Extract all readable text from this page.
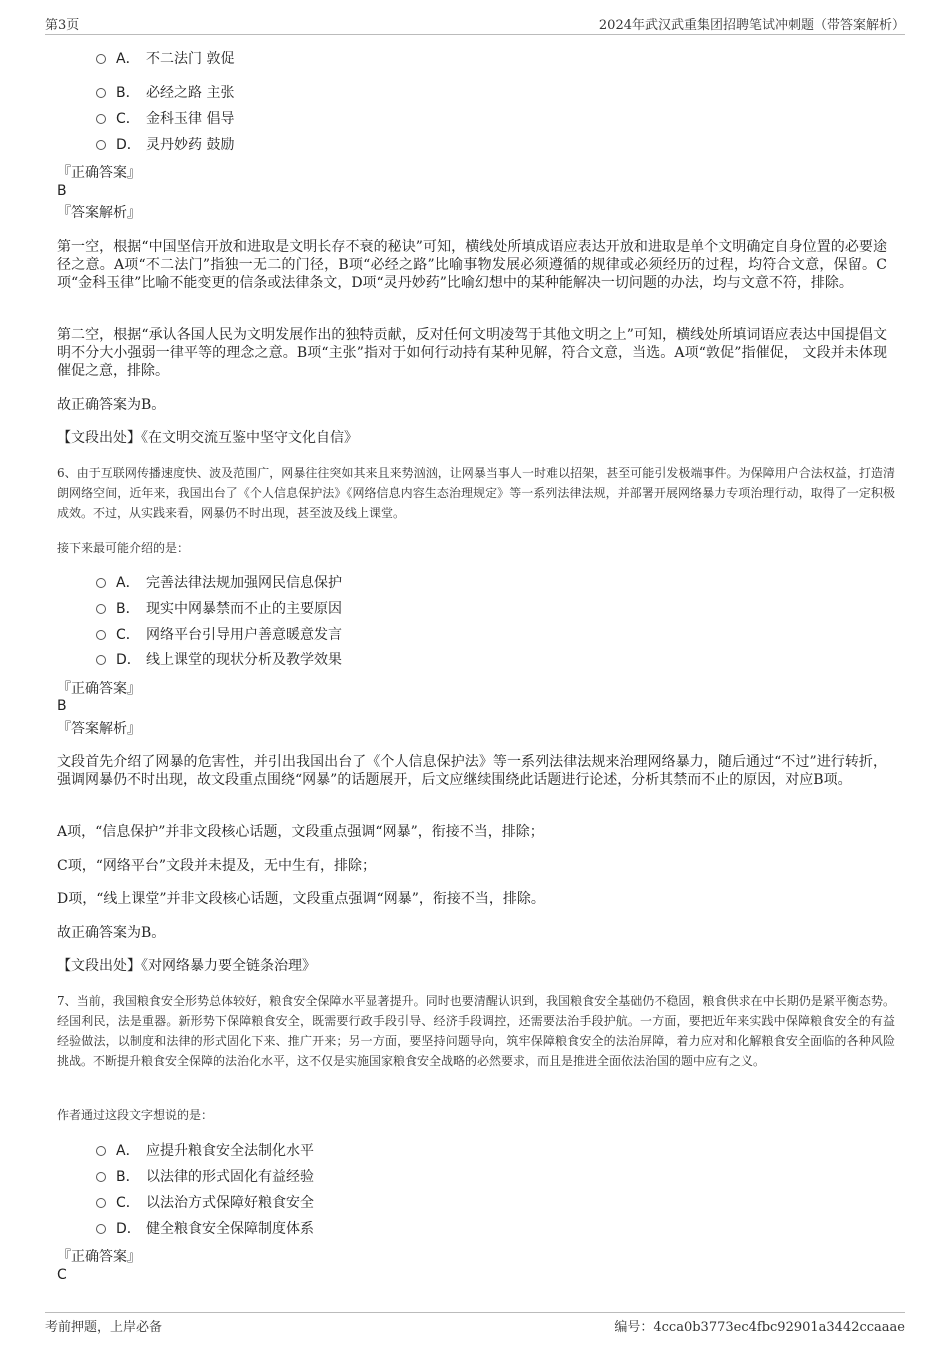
第3页	2024年武汉武重集团招聘笔试冲刺题（带答案解析）
A． 不二法门 敦促
B． 必经之路 主张
C． 金科玉律 倡导
D． 灵丹妙药 鼓励
『正确答案』
B
『答案解析』
第一空，根据“中国坚信开放和进取是文明长存不衰的秘诀”可知，横线处所填成语应表达开放和进取是单个文明确定自身位置的必要途径之意。A项“不二法门”指独一无二的门径，B项“必经之路”比喻事物发展必须遵循的规律或必须经历的过程，均符合文意，保留。C项“金科玉律”比喻不能变更的信条或法律条文，D项“灵丹妙药”比喻幻想中的某种能解决一切问题的办法，均与文意不符，排除。
第二空，根据“承认各国人民为文明发展作出的独特贡献，反对任何文明凌驾于其他文明之上”可知，横线处所填词语应表达中国提倡文明不分大小强弱一律平等的理念之意。B项“主张”指对于如何行动持有某种见解，符合文意，当选。A项“敦促”指催促， 文段并未体现催促之意，排除。
故正确答案为B。
【文段出处】《在文明交流互鉴中坚守文化自信》
6、由于互联网传播速度快、波及范围广，网暴往往突如其来且来势汹汹，让网暴当事人一时难以招架，甚至可能引发极端事件。为保障用户合法权益，打造清朗网络空间，近年来，我国出台了《个人信息保护法》《网络信息内容生态治理规定》等一系列法律法规，并部署开展网络暴力专项治理行动，取得了一定积极成效。不过，从实践来看，网暴仍不时出现，甚至波及线上课堂。
接下来最可能介绍的是：
A． 完善法律法规加强网民信息保护
B． 现实中网暴禁而不止的主要原因
C． 网络平台引导用户善意暖意发言
D． 线上课堂的现状分析及教学效果
『正确答案』
B
『答案解析』
文段首先介绍了网暴的危害性，并引出我国出台了《个人信息保护法》等一系列法律法规来治理网络暴力，随后通过“不过”进行转折，强调网暴仍不时出现，故文段重点围绕“网暴”的话题展开，后文应继续围绕此话题进行论述，分析其禁而不止的原因，对应B项。
A项，“信息保护”并非文段核心话题，文段重点强调“网暴”，衔接不当，排除；
C项，“网络平台”文段并未提及，无中生有，排除；
D项，“线上课堂”并非文段核心话题，文段重点强调“网暴”，衔接不当，排除。
故正确答案为B。
【文段出处】《对网络暴力要全链条治理》
7、当前，我国粮食安全形势总体较好，粮食安全保障水平显著提升。同时也要清醒认识到，我国粮食安全基础仍不稳固，粮食供求在中长期仍是紧平衡态势。经国利民，法是重器。新形势下保障粮食安全，既需要行政手段引导、经济手段调控，还需要法治手段护航。一方面，要把近年来实践中保障粮食安全的有益经验做法，以制度和法律的形式固化下来、推广开来；另一方面，要坚持问题导向，筑牢保障粮食安全的法治屏障，着力应对和化解粮食安全面临的各种风险挑战。不断提升粮食安全保障的法治化水平，这不仅是实施国家粮食安全战略的必然要求，而且是推进全面依法治国的题中应有之义。
作者通过这段文字想说的是：
A． 应提升粮食安全法制化水平
B． 以法律的形式固化有益经验
C． 以法治方式保障好粮食安全
D． 健全粮食安全保障制度体系
『正确答案』
C
考前押题，上岸必备	编号：4cca0b3773ec4fbc92901a3442ccaaae
